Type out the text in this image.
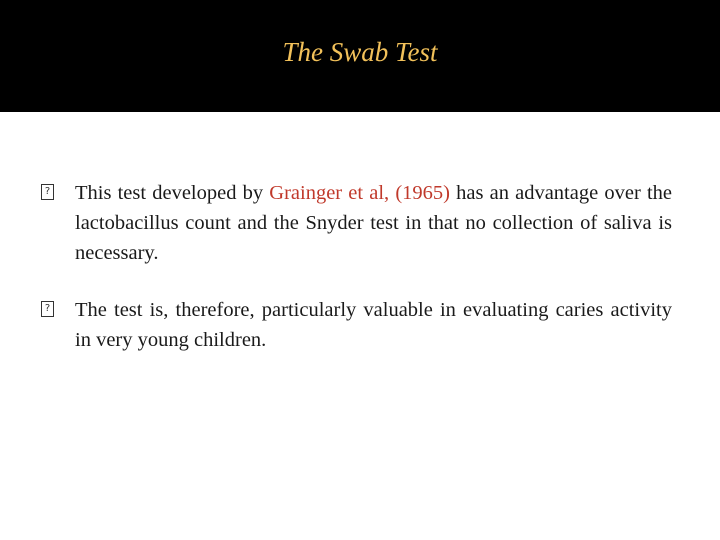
The Swab Test
?
This test developed by Grainger et al, (1965) has an advantage over the lactobacillus count and the Snyder test in that no collection of saliva is necessary.
?
The test is, therefore, particularly valuable in evaluating caries activity in very young children.
